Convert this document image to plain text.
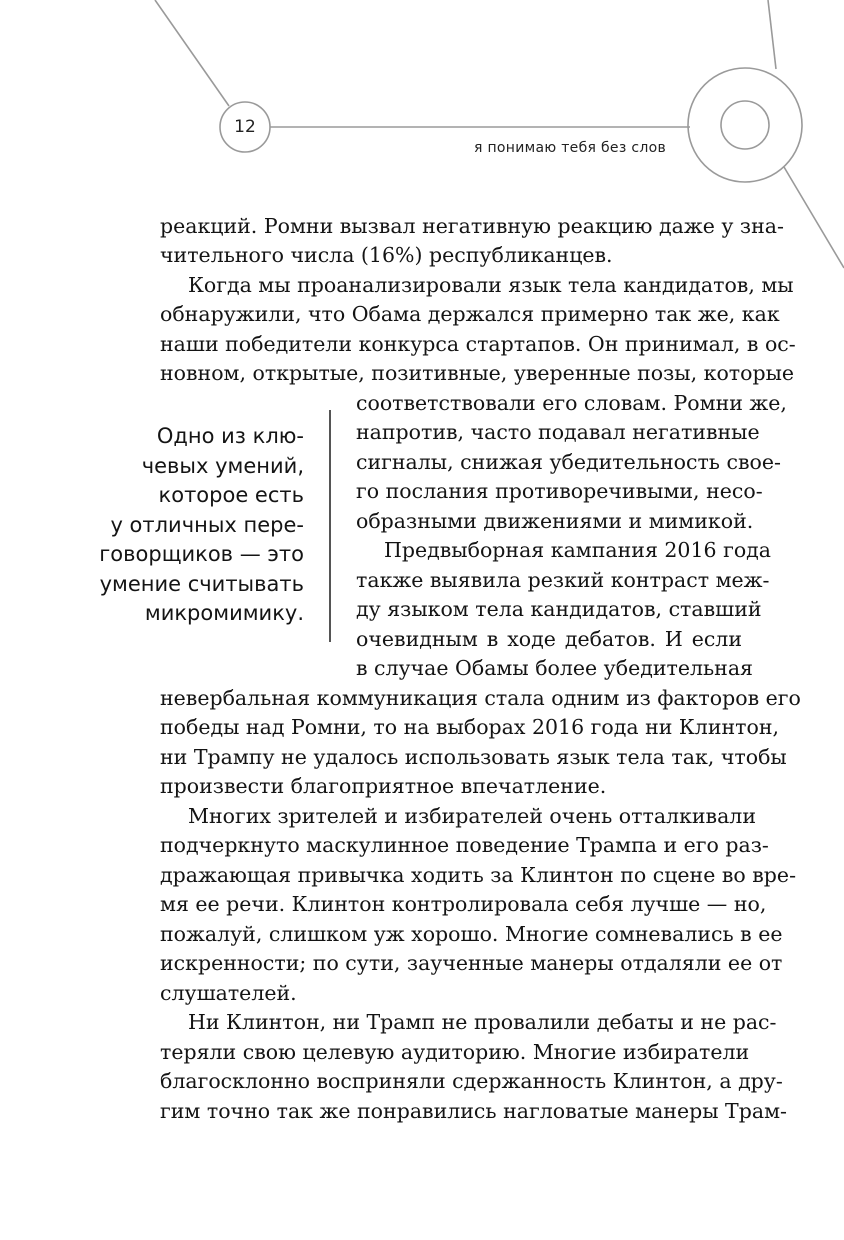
12
я понимаю тебя без слов
реакций. Ромни вызвал негативную реакцию даже у зна-
чительного числа (16%) республиканцев.
Когда мы проанализировали язык тела кандидатов, мы
обнаружили, что Обама держался примерно так же, как
наши победители конкурса стартапов. Он принимал, в ос-
новном, открытые, позитивные, уверенные позы, которые
соответствовали его словам. Ромни же,
напротив, часто подавал негативные
сигналы, снижая убедительность свое-
го послания противоречивыми, несо-
образными движениями и мимикой.
Предвыборная кампания 2016 года
также выявила резкий контраст меж-
ду языком тела кандидатов, ставший
очевидным в ходе дебатов. И если
в случае Обамы более убедительная
невербальная коммуникация стала одним из факторов его
победы над Ромни, то на выборах 2016 года ни Клинтон,
ни Трампу не удалось использовать язык тела так, чтобы
произвести благоприятное впечатление.
Многих зрителей и избирателей очень отталкивали
подчеркнуто маскулинное поведение Трампа и его раз-
дражающая привычка ходить за Клинтон по сцене во вре-
мя ее речи. Клинтон контролировала себя лучше — но,
пожалуй, слишком уж хорошо. Многие сомневались в ее
искренности; по сути, заученные манеры отдаляли ее от
слушателей.
Ни Клинтон, ни Трамп не провалили дебаты и не рас-
теряли свою целевую аудиторию. Многие избиратели
благосклонно восприняли сдержанность Клинтон, а дру-
гим точно так же понравились нагловатые манеры Трам-
Одно из клю-
чевых умений,
которое есть
у отличных пере-
говорщиков — это
умение считывать
микромимику.
